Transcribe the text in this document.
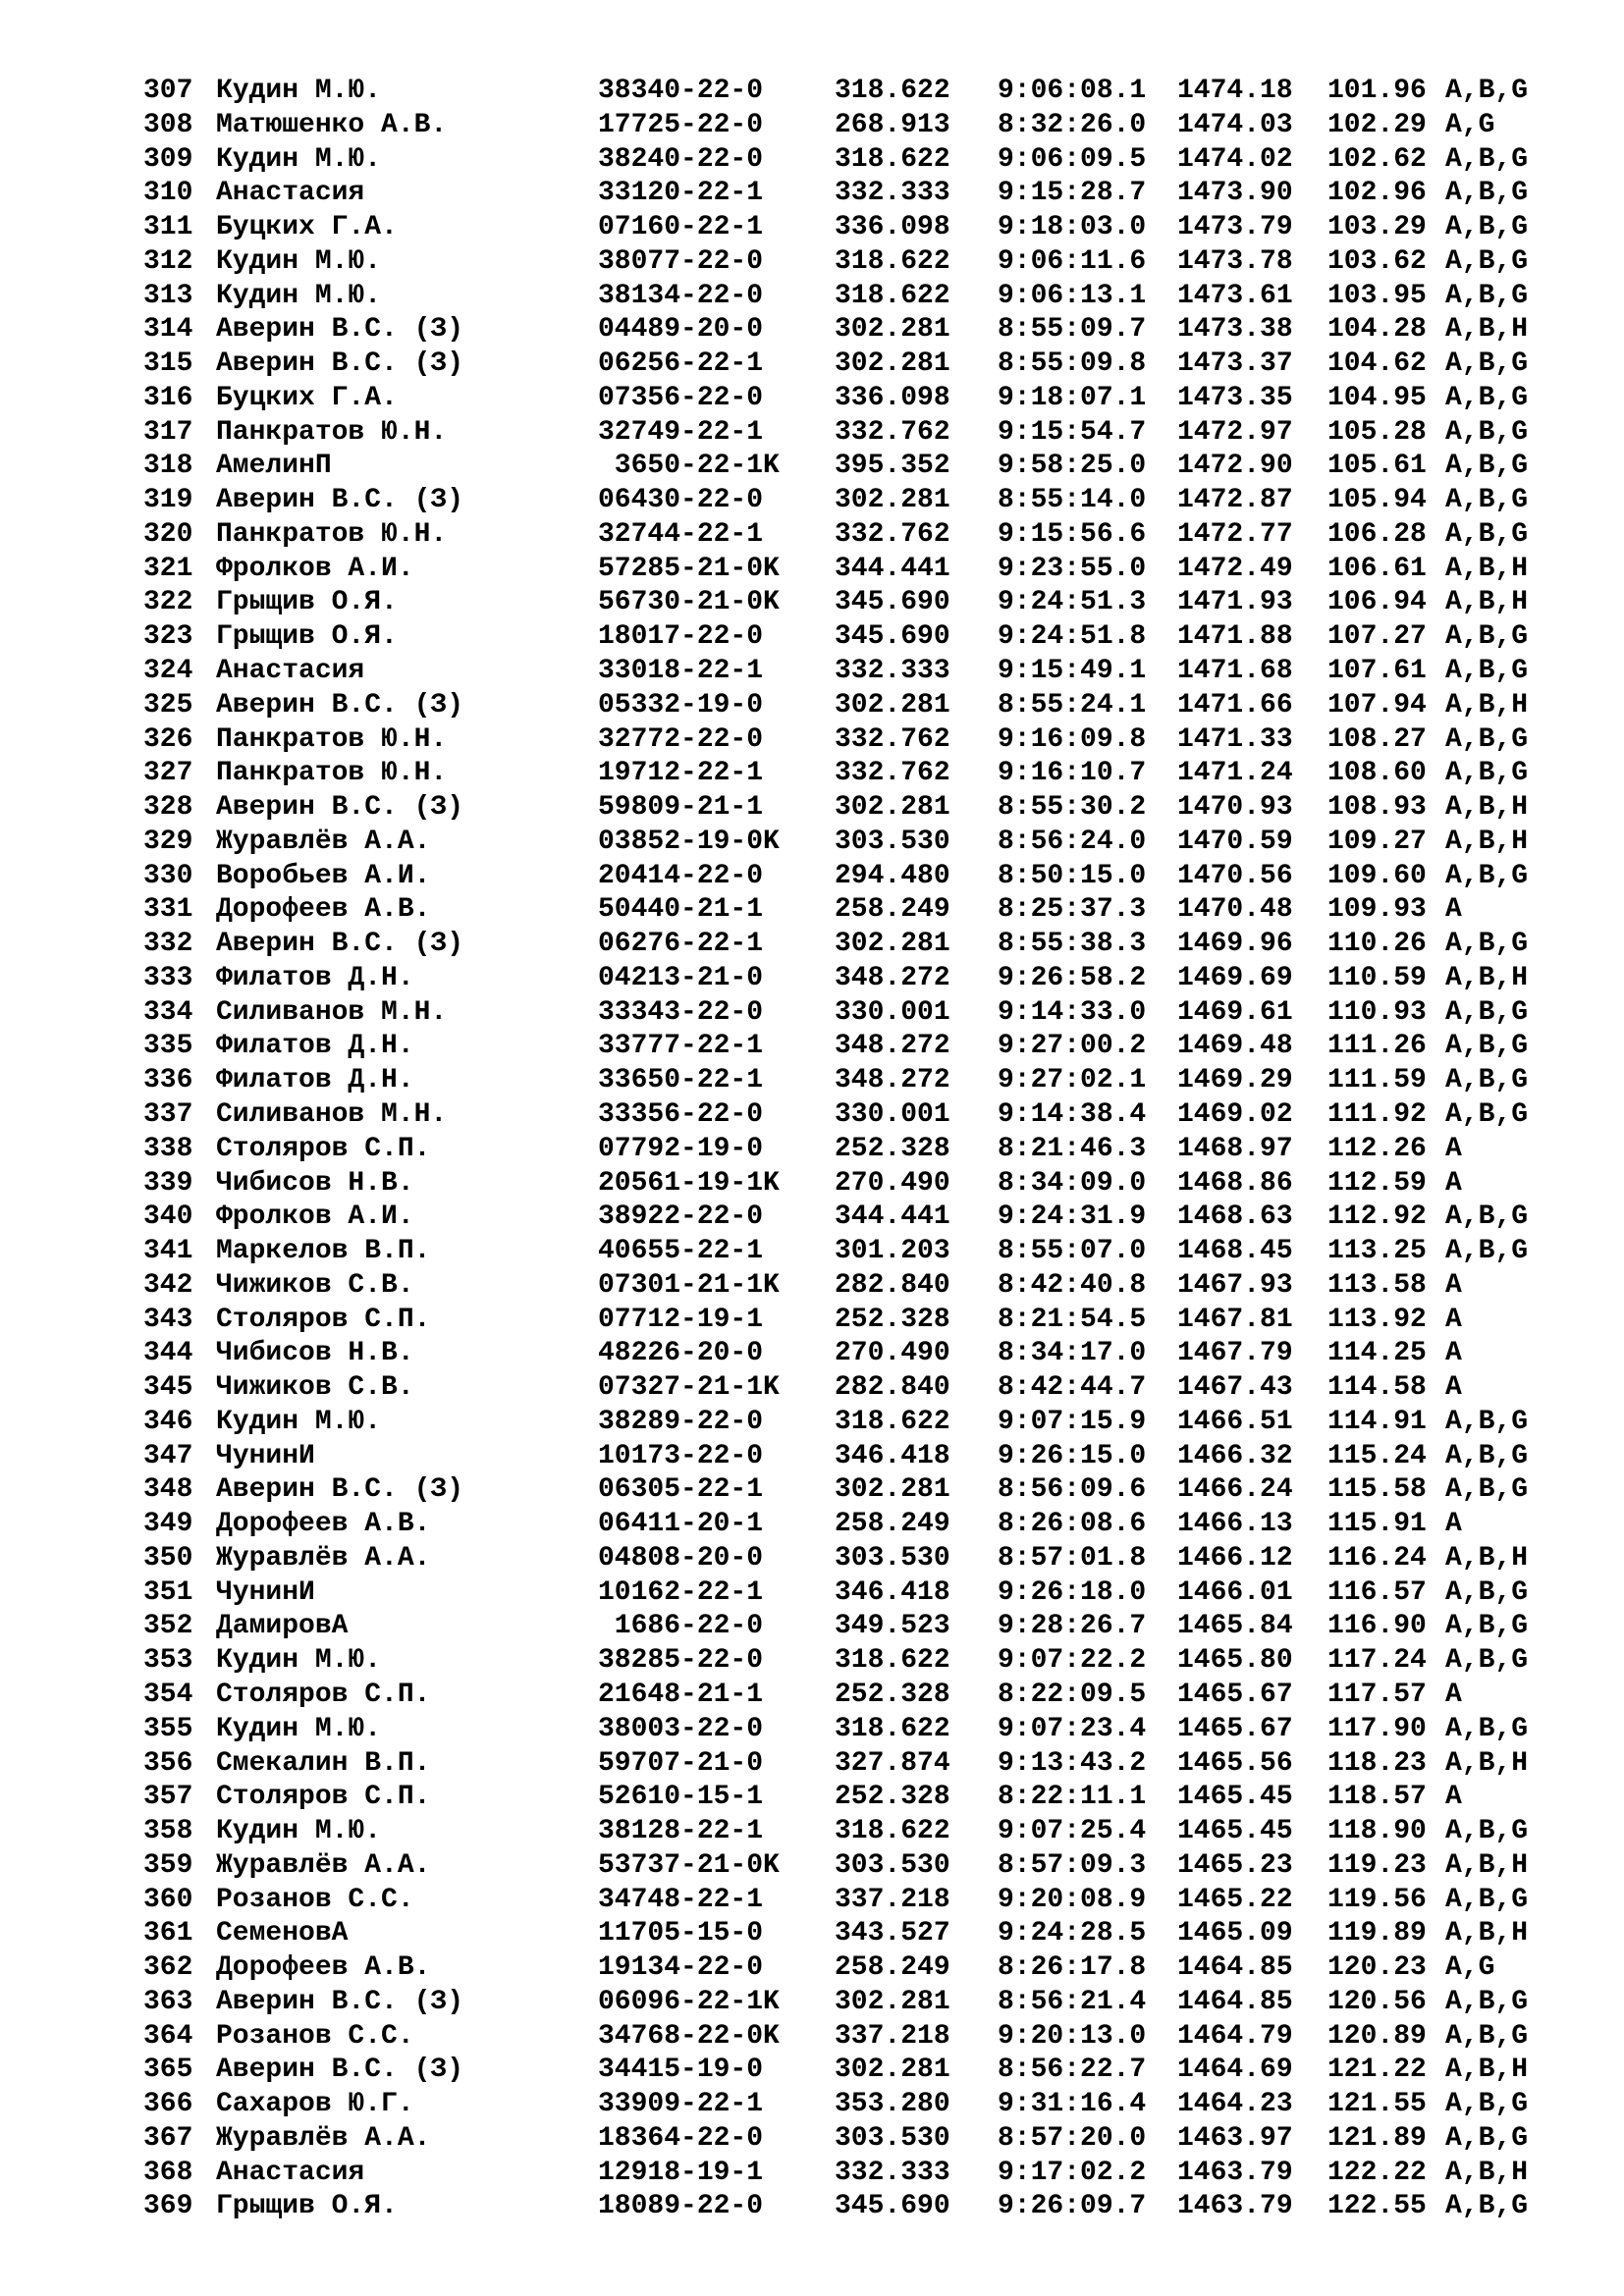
307 Кудин М.Ю.	38340-22-0	318.622 9:06:08.1 1474.18 101.96 A,B,G
308 Матюшенко А.В.	17725-22-0	268.913 8:32:26.0 1474.03 102.29 A,G
309 Кудин М.Ю.	38240-22-0	318.622 9:06:09.5 1474.02 102.62 A,B,G
310 Анастасия	33120-22-1	332.333 9:15:28.7 1473.90 102.96 A,B,G
311 Буцких Г.А.	07160-22-1	336.098 9:18:03.0 1473.79 103.29 A,B,G
312 Кудин М.Ю.	38077-22-0	318.622 9:06:11.6 1473.78 103.62 A,B,G
313 Кудин М.Ю.	38134-22-0	318.622 9:06:13.1 1473.61 103.95 A,B,G
314 Аверин В.С. (З)	04489-20-0	302.281 8:55:09.7 1473.38 104.28 A,B,H
315 Аверин В.С. (З)	06256-22-1	302.281 8:55:09.8 1473.37 104.62 A,B,G
316 Буцких Г.А.	07356-22-0	336.098 9:18:07.1 1473.35 104.95 A,B,G
317 Панкратов Ю.Н.	32749-22-1	332.762 9:15:54.7 1472.97 105.28 A,B,G
318 АмелинП	3650-22-1K 395.352 9:58:25.0 1472.90 105.61 A,B,G
319 Аверин В.С. (З)	06430-22-0	302.281 8:55:14.0 1472.87 105.94 A,B,G
320 Панкратов Ю.Н.	32744-22-1	332.762 9:15:56.6 1472.77 106.28 A,B,G
321 Фролков А.И.	57285-21-0K 344.441 9:23:55.0 1472.49 106.61 A,B,H
322 Грыщив О.Я.	56730-21-0K 345.690 9:24:51.3 1471.93 106.94 A,B,H
323 Грыщив О.Я.	18017-22-0	345.690 9:24:51.8 1471.88 107.27 A,B,G
324 Анастасия	33018-22-1	332.333 9:15:49.1 1471.68 107.61 A,B,G
325 Аверин В.С. (З)	05332-19-0	302.281 8:55:24.1 1471.66 107.94 A,B,H
326 Панкратов Ю.Н.	32772-22-0	332.762 9:16:09.8 1471.33 108.27 A,B,G
327 Панкратов Ю.Н.	19712-22-1	332.762 9:16:10.7 1471.24 108.60 A,B,G
328 Аверин В.С. (З)	59809-21-1	302.281 8:55:30.2 1470.93 108.93 A,B,H
329 Журавлёв А.А.	03852-19-0K 303.530 8:56:24.0 1470.59 109.27 A,B,H
330 Воробьев А.И.	20414-22-0	294.480 8:50:15.0 1470.56 109.60 A,B,G
331 Дорофеев А.В.	50440-21-1	258.249 8:25:37.3 1470.48 109.93 A
332 Аверин В.С. (З)	06276-22-1	302.281 8:55:38.3 1469.96 110.26 A,B,G
333 Филатов Д.Н.	04213-21-0	348.272 9:26:58.2 1469.69 110.59 A,B,H
334 Силиванов М.Н.	33343-22-0	330.001 9:14:33.0 1469.61 110.93 A,B,G
335 Филатов Д.Н.	33777-22-1	348.272 9:27:00.2 1469.48 111.26 A,B,G
336 Филатов Д.Н.	33650-22-1	348.272 9:27:02.1 1469.29 111.59 A,B,G
337 Силиванов М.Н.	33356-22-0	330.001 9:14:38.4 1469.02 111.92 A,B,G
338 Столяров С.П.	07792-19-0	252.328 8:21:46.3 1468.97 112.26 A
339 Чибисов Н.В.	20561-19-1K 270.490 8:34:09.0 1468.86 112.59 A
340 Фролков А.И.	38922-22-0	344.441 9:24:31.9 1468.63 112.92 A,B,G
341 Маркелов В.П.	40655-22-1	301.203 8:55:07.0 1468.45 113.25 A,B,G
342 Чижиков С.В.	07301-21-1K 282.840 8:42:40.8 1467.93 113.58 A
343 Столяров С.П.	07712-19-1	252.328 8:21:54.5 1467.81 113.92 A
344 Чибисов Н.В.	48226-20-0	270.490 8:34:17.0 1467.79 114.25 A
345 Чижиков С.В.	07327-21-1K 282.840 8:42:44.7 1467.43 114.58 A
346 Кудин М.Ю.	38289-22-0	318.622 9:07:15.9 1466.51 114.91 A,B,G
347 ЧунинИ	10173-22-0	346.418 9:26:15.0 1466.32 115.24 A,B,G
348 Аверин В.С. (З)	06305-22-1	302.281 8:56:09.6 1466.24 115.58 A,B,G
349 Дорофеев А.В.	06411-20-1	258.249 8:26:08.6 1466.13 115.91 A
350 Журавлёв А.А.	04808-20-0	303.530 8:57:01.8 1466.12 116.24 A,B,H
351 ЧунинИ	10162-22-1	346.418 9:26:18.0 1466.01 116.57 A,B,G
352 ДамировА	1686-22-0	349.523 9:28:26.7 1465.84 116.90 A,B,G
353 Кудин М.Ю.	38285-22-0	318.622 9:07:22.2 1465.80 117.24 A,B,G
354 Столяров С.П.	21648-21-1	252.328 8:22:09.5 1465.67 117.57 A
355 Кудин М.Ю.	38003-22-0	318.622 9:07:23.4 1465.67 117.90 A,B,G
356 Смекалин В.П.	59707-21-0	327.874 9:13:43.2 1465.56 118.23 A,B,H
357 Столяров С.П.	52610-15-1	252.328 8:22:11.1 1465.45 118.57 A
358 Кудин М.Ю.	38128-22-1	318.622 9:07:25.4 1465.45 118.90 A,B,G
359 Журавлёв А.А.	53737-21-0K 303.530 8:57:09.3 1465.23 119.23 A,B,H
360 Розанов С.С.	34748-22-1	337.218 9:20:08.9 1465.22 119.56 A,B,G
361 СеменовА	11705-15-0	343.527 9:24:28.5 1465.09 119.89 A,B,H
362 Дорофеев А.В.	19134-22-0	258.249 8:26:17.8 1464.85 120.23 A,G
363 Аверин В.С. (З)	06096-22-1K 302.281 8:56:21.4 1464.85 120.56 A,B,G
364 Розанов С.С.	34768-22-0K 337.218 9:20:13.0 1464.79 120.89 A,B,G
365 Аверин В.С. (З)	34415-19-0	302.281 8:56:22.7 1464.69 121.22 A,B,H
366 Сахаров Ю.Г.	33909-22-1	353.280 9:31:16.4 1464.23 121.55 A,B,G
367 Журавлёв А.А.	18364-22-0	303.530 8:57:20.0 1463.97 121.89 A,B,G
368 Анастасия	12918-19-1	332.333 9:17:02.2 1463.79 122.22 A,B,H
369 Грыщив О.Я.	18089-22-0	345.690 9:26:09.7 1463.79 122.55 A,B,G
